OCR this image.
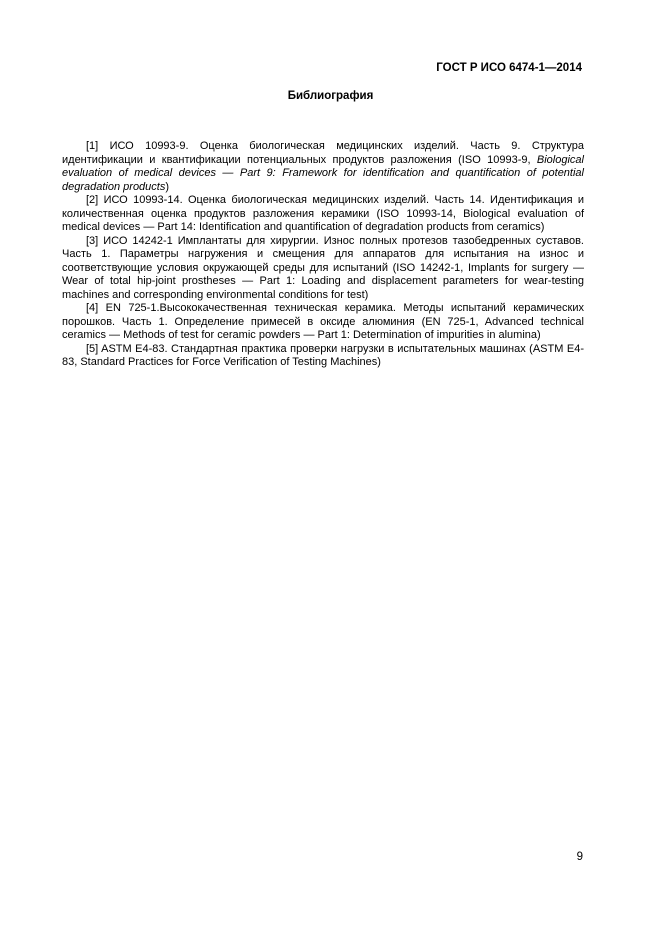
ГОСТ Р ИСО 6474-1—2014
Библиография

[1] ИСО 10993-9. Оценка биологическая медицинских изделий. Часть 9. Структура идентификации и квантификации потенциальных продуктов разложения (ISO 10993-9, Biological evaluation of medical devices — Part 9: Framework for identification and quantification of potential degradation products)

[2] ИСО 10993-14. Оценка биологическая медицинских изделий. Часть 14. Идентификация и количественная оценка продуктов разложения керамики (ISO 10993-14, Biological evaluation of medical devices — Part 14: Identification and quantification of degradation products from ceramics)

[3] ИСО 14242-1 Имплантаты для хирургии. Износ полных протезов тазобедренных суставов. Часть 1. Параметры нагружения и смещения для аппаратов для испытания на износ и соответствующие условия окружающей среды для испытаний (ISO 14242-1, Implants for surgery — Wear of total hip-joint prostheses — Part 1: Loading and displacement parameters for wear-testing machines and corresponding environmental conditions for test)

[4] EN 725-1.Высококачественная техническая керамика. Методы испытаний керамических порошков. Часть 1. Определение примесей в оксиде алюминия (EN 725-1, Advanced technical ceramics — Methods of test for ceramic powders — Part 1: Determination of impurities in alumina)

[5] ASTM E4-83. Стандартная практика проверки нагрузки в испытательных машинах (ASTM E4-83, Standard Practices for Force Verification of Testing Machines)

9
